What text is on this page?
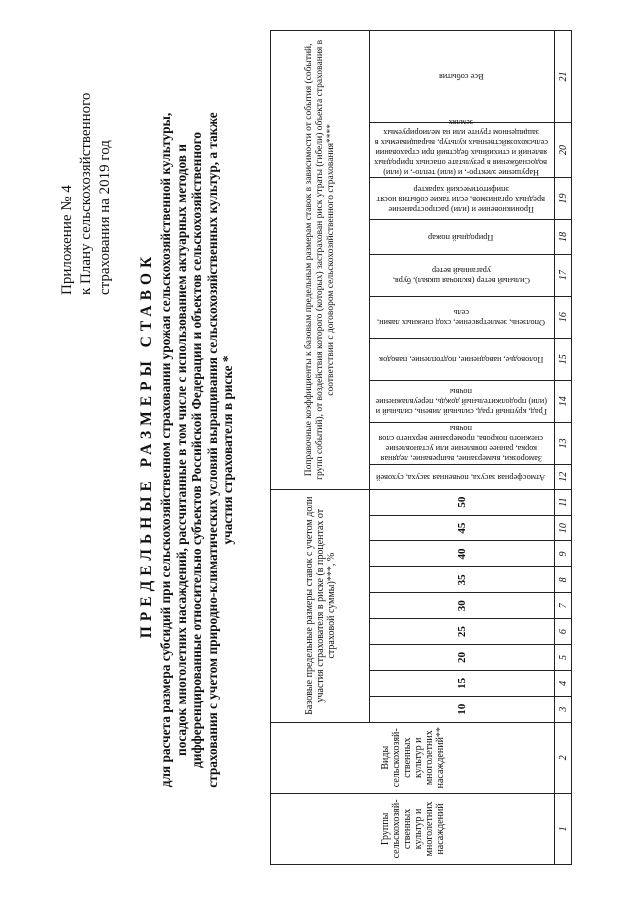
Приложение № 4 к Плану сельскохозяйственного страхования на 2019 год
ПРЕДЕЛЬНЫЕ РАЗМЕРЫ СТАВОК для расчета размера субсидий при сельскохозяйственном страховании урожая сельскохозяйственной культуры, посадок многолетних насаждений, рассчитанные в том числе с использованием актуарных методов и дифференцированные относительно субъектов Российской Федерации и объектов сельскохозяйственного страхования с учетом природно-климатических условий выращивания сельскохозяйственных культур, а также участия страхователя в риске *
Группы сельскохозяй-ственных культур и многолетних насаждений	Виды сельскохозяй-ственных культур и многолетних насаждений**	Базовые предельные размеры ставок с учетом доли участия страхователя в риске (в процентах от страховой суммы)***, %									Поправочные коэффициенты к базовым предельным размерам ставок в зависимости от события (событий, групп событий), от воздействия которого (которых) застрахован риск утраты (гибели) объекта страхования в соответствии с договором сельскохозяйственного страхования****									
		10	15	20	25	30	35	40	45	50	Атмосферная засуха, почвенная засуха, суховей	Заморозки, вымерзание, выпревание, ледяная корка, раннее появление или установление снежного покрова, промерзание верхнего слоя почвы	Град, крупный град, сильный ливень, сильный и (или) продолжительный дождь, переувлажнение почвы	Половодье, наводнение, подтопление, паводок	Оползень, землетрясение, сход снежных лавин, сель	Сильный ветер (включая шквал), буря, ураганный ветер	Природный пожар	Проникновение и (или) распространение вредных организмов, если такие события носят эпифитотический характер	Нарушение электро-, и (или) тепло-, и (или) водоснабжения в результате опасных природных явлений и стихийных бедствий при страховании сельскохозяйственных культур, выращиваемых в защищенном грунте или на мелиорируемых землях	Все события
1	2	3	4	5	6	7	8	9	10	11	12	13	14	15	16	17	18	19	20	21
